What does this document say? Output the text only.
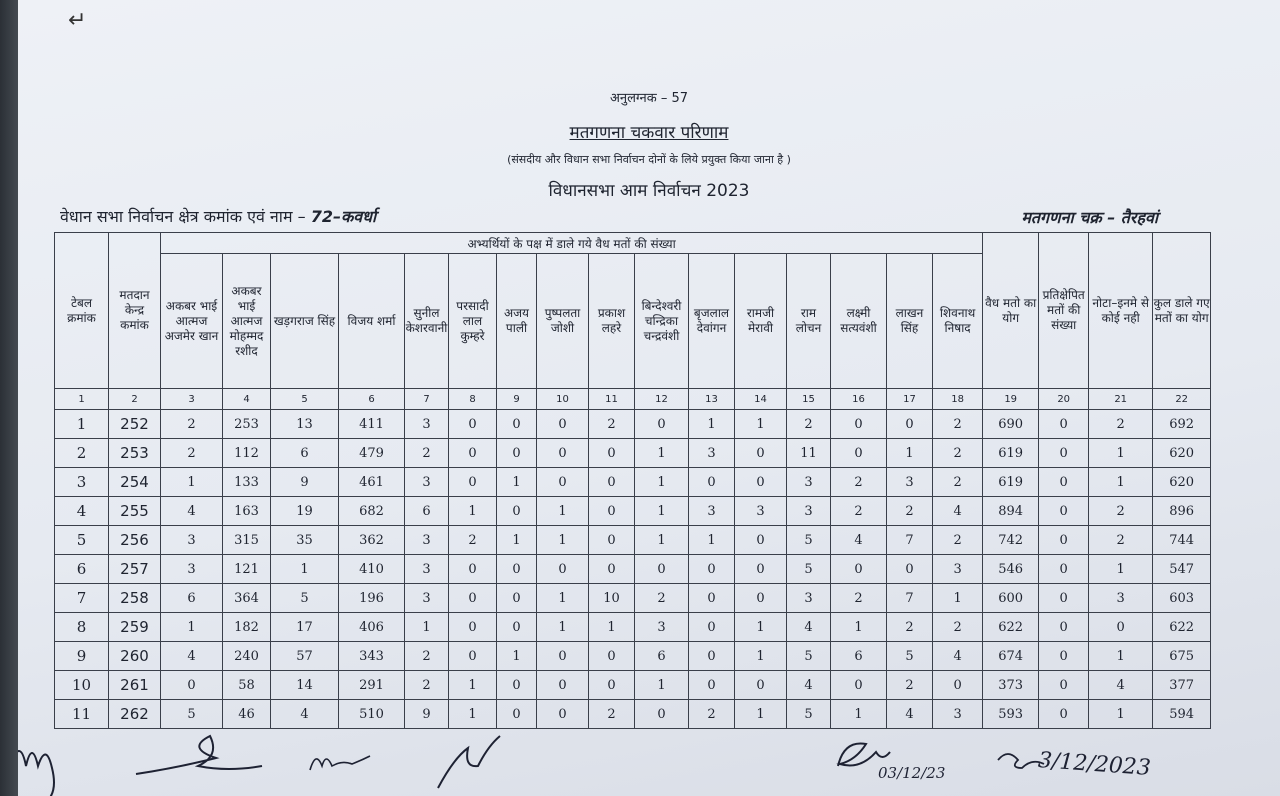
↵
अनुलग्नक – 57
मतगणना चकवार परिणाम
(संसदीय और विधान सभा निर्वाचन दोनों के लिये प्रयुक्त किया जाना है )
विधानसभा आम निर्वाचन 2023
वेधान सभा निर्वाचन क्षेत्र कमांक एवं नाम – 72–कवर्धा	मतगणना चक्र – तैरहवां
टेबल क्रमांक	मतदान केन्द्र कमांक	अभ्यर्थियों के पक्ष में डाले गये वैध मतों की संख्या																वैध मतो का योग	प्रतिक्षेपित मतों की संख्या	नोटा–इनमे से कोई नही	कुल डाले गए मतों का योग
		अकबर भाई आत्मज अजमेर खान	अकबर भाई आत्मज मोहम्मद रशीद	खड़गराज सिंह	विजय शर्मा	सुनील केशरवानी	परसादी लाल कुम्हरे	अजय पाली	पुष्पलता जोशी	प्रकाश लहरे	बिन्देश्वरी चन्द्रिका चन्द्रवंशी	बृजलाल देवांगन	रामजी मेरावी	राम लोचन	लक्ष्मी सत्यवंशी	लाखन सिंह	शिवनाथ निषाद				
1	2	3	4	5	6	7	8	9	10	11	12	13	14	15	16	17	18	19	20	21	22
1	252	2	253	13	411	3	0	0	0	2	0	1	1	2	0	0	2	690	0	2	692
2	253	2	112	6	479	2	0	0	0	0	1	3	0	11	0	1	2	619	0	1	620
3	254	1	133	9	461	3	0	1	0	0	1	0	0	3	2	3	2	619	0	1	620
4	255	4	163	19	682	6	1	0	1	0	1	3	3	3	2	2	4	894	0	2	896
5	256	3	315	35	362	3	2	1	1	0	1	1	0	5	4	7	2	742	0	2	744
6	257	3	121	1	410	3	0	0	0	0	0	0	0	5	0	0	3	546	0	1	547
7	258	6	364	5	196	3	0	0	1	10	2	0	0	3	2	7	1	600	0	3	603
8	259	1	182	17	406	1	0	0	1	1	3	0	1	4	1	2	2	622	0	0	622
9	260	4	240	57	343	2	0	1	0	0	6	0	1	5	6	5	4	674	0	1	675
10	261	0	58	14	291	2	1	0	0	0	1	0	0	4	0	2	0	373	0	4	377
11	262	5	46	4	510	9	1	0	0	2	0	2	1	5	1	4	3	593	0	1	594
03/12/23	3/12/2023
